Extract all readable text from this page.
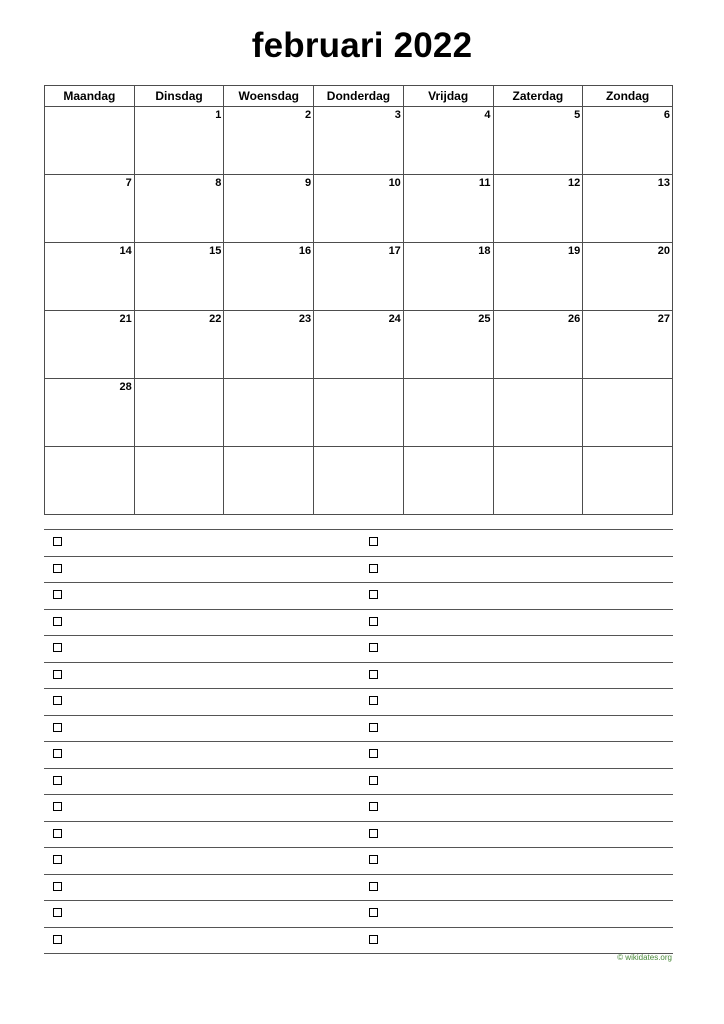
februari 2022
Maandag	Dinsdag	Woensdag	Donderdag	Vrijdag	Zaterdag	Zondag

	1	2	3	4	5	6

7	8	9	10	11	12	13

14	15	16	17	18	19	20

21	22	23	24	25	26	27

28						

© wikidates.org
